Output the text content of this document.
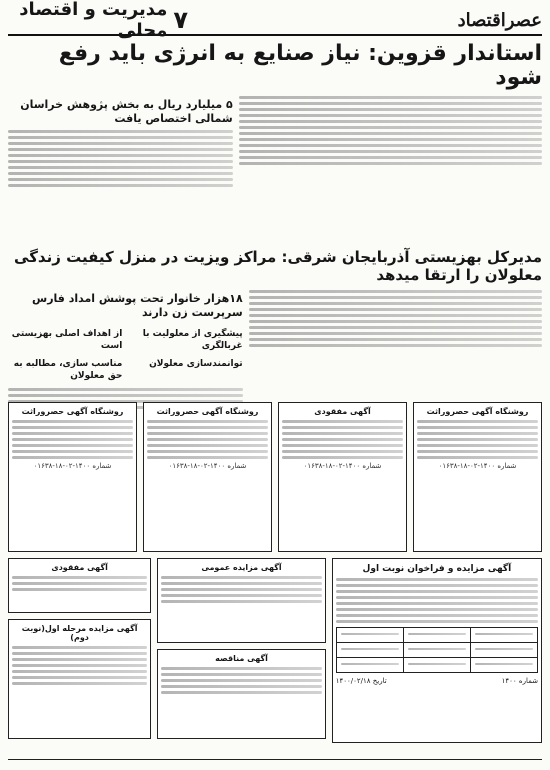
عصراقتصاد
۷
مدیریت و اقتصاد محلی
استاندار قزوین: نیاز صنایع به انرژی باید رفع شود
۵ میلیارد ریال به بخش پژوهش خراسان شمالی اختصاص یافت
مدیرکل بهزیستی آذربایجان شرقی: مراکز ویزیت در منزل کیفیت زندگی معلولان را ارتقا میدهد
۱۸هزار خانوار تحت پوشش امداد فارس سرپرست زن دارند
پیشگیری از معلولیت با غربالگری
توانمندسازی معلولان
از اهداف اصلی بهزیستی است
مناسب سازی، مطالبه به حق معلولان
روشنگاه آگهی حصروراثت
شماره ۱۴۰۰-۰۲-۱۸-۰۱۶۳۸
آگهی مفقودی
شماره ۱۴۰۰-۰۲-۱۸-۰۱۶۳۸
روشنگاه آگهی حصروراثت
شماره ۱۴۰۰-۰۲-۱۸-۰۱۶۳۸
روشنگاه آگهی حصروراثت
شماره ۱۴۰۰-۰۲-۱۸-۰۱۶۳۸
آگهی مزایده و فراخوان نوبت اول
شماره ۱۴۰۰
تاریخ ۱۴۰۰/۰۲/۱۸
آگهی مزایده عمومی
آگهی مناقصه
آگهی مفقودی
آگهی مزایده مرحله اول(نوبت دوم)
